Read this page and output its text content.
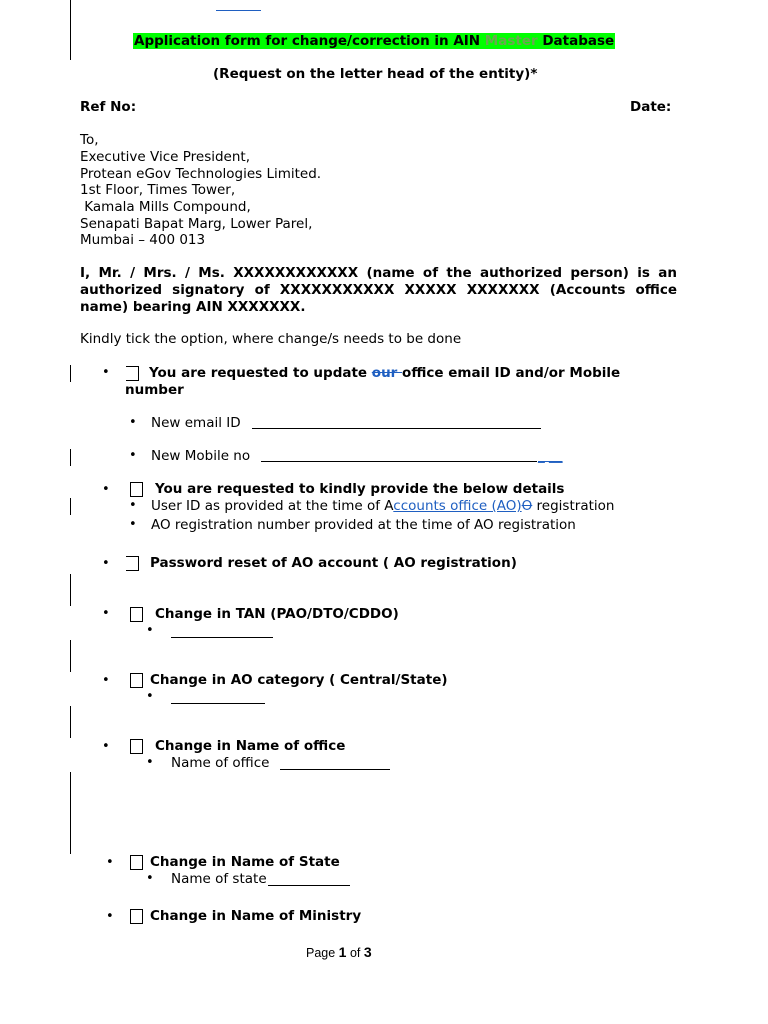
Application form for change/correction in AIN Master Database
(Request on the letter head of the entity)*
Ref No:	Date:
To,
Executive Vice President,
Protean eGov Technologies Limited.
1st Floor, Times Tower,
Kamala Mills Compound,
Senapati Bapat Marg, Lower Parel,
Mumbai – 400 013
I, Mr. / Mrs. / Ms. XXXXXXXXXXXX (name of the authorized person) is an authorized signatory of XXXXXXXXXXX XXXXX XXXXXXX (Accounts office name) bearing AIN XXXXXXX.
Kindly tick the option, where change/s needs to be done
•	You are requested to update our office email ID and/or Mobile
number
• New email ID
• New Mobile no	_ __
•	You are requested to kindly provide the below details
• User ID as provided at the time of Accounts office (AO)O registration
• AO registration number provided at the time of AO registration
•	Password reset of AO account ( AO registration)
•	Change in TAN (PAO/DTO/CDDO)
•
•	Change in AO category ( Central/State)
•
•	Change in Name of office
• Name of office
•	Change in Name of State
• Name of state
•	Change in Name of Ministry
Page 1 of 3
